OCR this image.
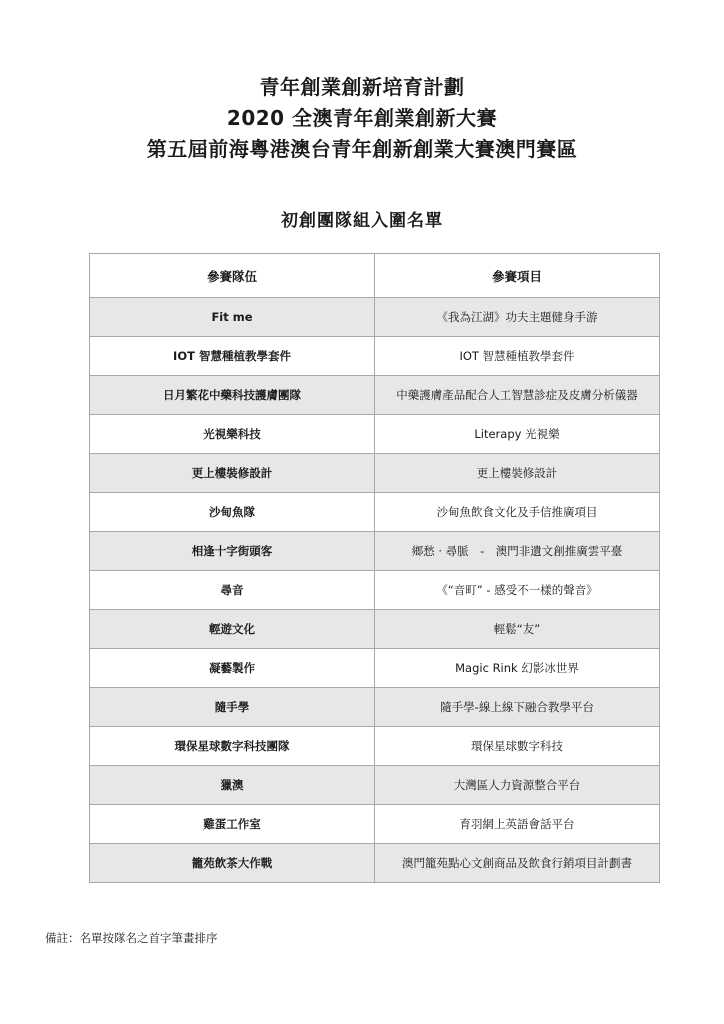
青年創業創新培育計劃
2020 全澳青年創業創新大賽
第五屆前海粵港澳台青年創新創業大賽澳門賽區
初創團隊組入圍名單
參賽隊伍	參賽項目
Fit me	《我為江湖》功夫主題健身手游
IOT 智慧種植教學套件	IOT 智慧種植教學套件
日月繁花中藥科技護膚團隊	中藥護膚產品配合人工智慧診症及皮膚分析儀器
光視樂科技	Literapy 光視樂
更上樓裝修設計	更上樓裝修設計
沙甸魚隊	沙甸魚飲食文化及手信推廣項目
相逢十字街頭客	鄉愁 · 尋脈　-　澳門非遺文創推廣雲平臺
尋音	《“音町” - 感受不一樣的聲音》
輕遊文化	輕鬆“友”
凝藝製作	Magic Rink 幻影冰世界
隨手學	隨手學-線上線下融合教學平台
環保星球數字科技團隊	環保星球數字科技
獵澳	大灣區人力資源整合平台
雞蛋工作室	育羽網上英語會話平台
籠苑飲茶大作戰	澳門籠苑點心文創商品及飲食行銷項目計劃書
備註：名單按隊名之首字筆畫排序
